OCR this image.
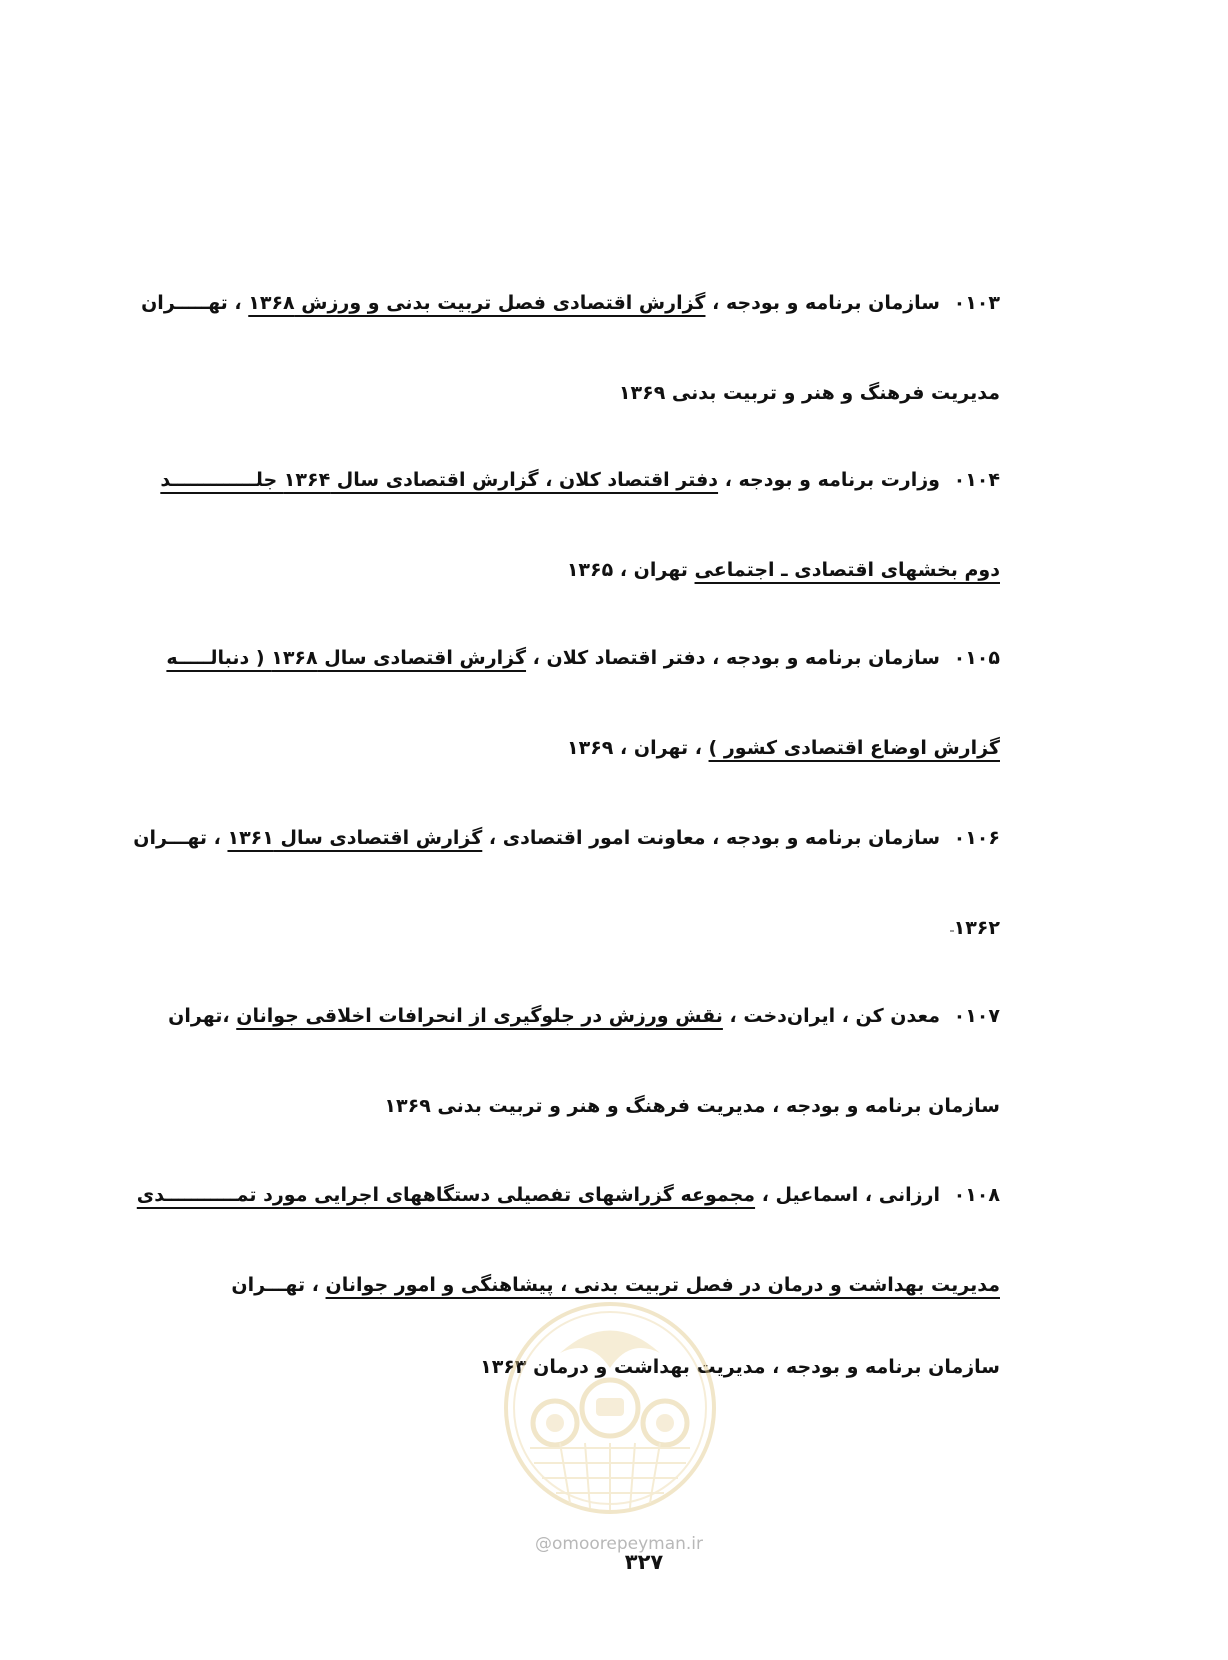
۰۱۰۳سازمان برنامه و بودجه ، گزارش اقتصادی فصل تربیت بدنی و ورزش ۱۳۶۸ ، تهـــــران
مدیریت فرهنگ و هنر و تربیت بدنی ۱۳۶۹
۰۱۰۴وزارت برنامه و بودجه ، دفتر اقتصاد کلان ، گزارش اقتصادی سال ۱۳۶۴ جلـــــــــــــد
دوم بخشهای اقتصادی ـ اجتماعی تهران ، ۱۳۶۵
۰۱۰۵سازمان برنامه و بودجه ، دفتر اقتصاد کلان ، گزارش اقتصادی سال ۱۳۶۸ ( دنبالـــــه
گزارش اوضاع اقتصادی کشور ) ، تهران ، ۱۳۶۹
۰۱۰۶سازمان برنامه و بودجه ، معاونت امور اقتصادی ، گزارش اقتصادی سال ۱۳۶۱ ، تهـــران
۱۳۶۲
۰۱۰۷معدن کن ، ایران‌دخت ، نقش ورزش در جلوگیری از انحرافات اخلاقی جوانان ،تهران
سازمان برنامه و بودجه ، مدیریت فرهنگ و هنر و تربیت بدنی ۱۳۶۹
۰۱۰۸ارزانی ، اسماعیل ، مجموعه گزراشهای تفصیلی دستگاههای اجرایی مورد تمـــــــــــدی
مدیریت بهداشت و درمان در فصل تربیت بدنی ، پیشاهنگی و امور جوانان ، تهـــران
سازمان برنامه و بودجه ، مدیریت بهداشت و درمان ۱۳۶۳
@omoorepeyman.ir
۳۲۷
